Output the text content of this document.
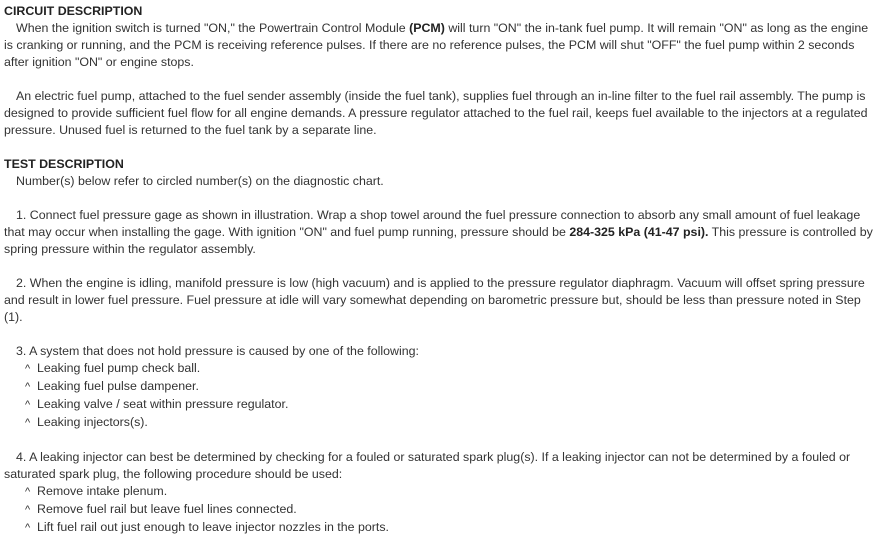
CIRCUIT DESCRIPTION

When the ignition switch is turned "ON," the Powertrain Control Module (PCM) will turn "ON" the in-tank fuel pump. It will remain "ON" as long as the engine is cranking or running, and the PCM is receiving reference pulses. If there are no reference pulses, the PCM will shut "OFF" the fuel pump within 2 seconds after ignition "ON" or engine stops.

An electric fuel pump, attached to the fuel sender assembly (inside the fuel tank), supplies fuel through an in-line filter to the fuel rail assembly. The pump is designed to provide sufficient fuel flow for all engine demands. A pressure regulator attached to the fuel rail, keeps fuel available to the injectors at a regulated pressure. Unused fuel is returned to the fuel tank by a separate line.

TEST DESCRIPTION

Number(s) below refer to circled number(s) on the diagnostic chart.

1. Connect fuel pressure gage as shown in illustration. Wrap a shop towel around the fuel pressure connection to absorb any small amount of fuel leakage that may occur when installing the gage. With ignition "ON" and fuel pump running, pressure should be 284-325 kPa (41-47 psi). This pressure is controlled by spring pressure within the regulator assembly.

2. When the engine is idling, manifold pressure is low (high vacuum) and is applied to the pressure regulator diaphragm. Vacuum will offset spring pressure and result in lower fuel pressure. Fuel pressure at idle will vary somewhat depending on barometric pressure but, should be less than pressure noted in Step (1).

3. A system that does not hold pressure is caused by one of the following:

^ Leaking fuel pump check ball.
^ Leaking fuel pulse dampener.
^ Leaking valve / seat within pressure regulator.
^ Leaking injectors(s).

4. A leaking injector can best be determined by checking for a fouled or saturated spark plug(s). If a leaking injector can not be determined by a fouled or saturated spark plug, the following procedure should be used:

^ Remove intake plenum.
^ Remove fuel rail but leave fuel lines connected.
^ Lift fuel rail out just enough to leave injector nozzles in the ports.
